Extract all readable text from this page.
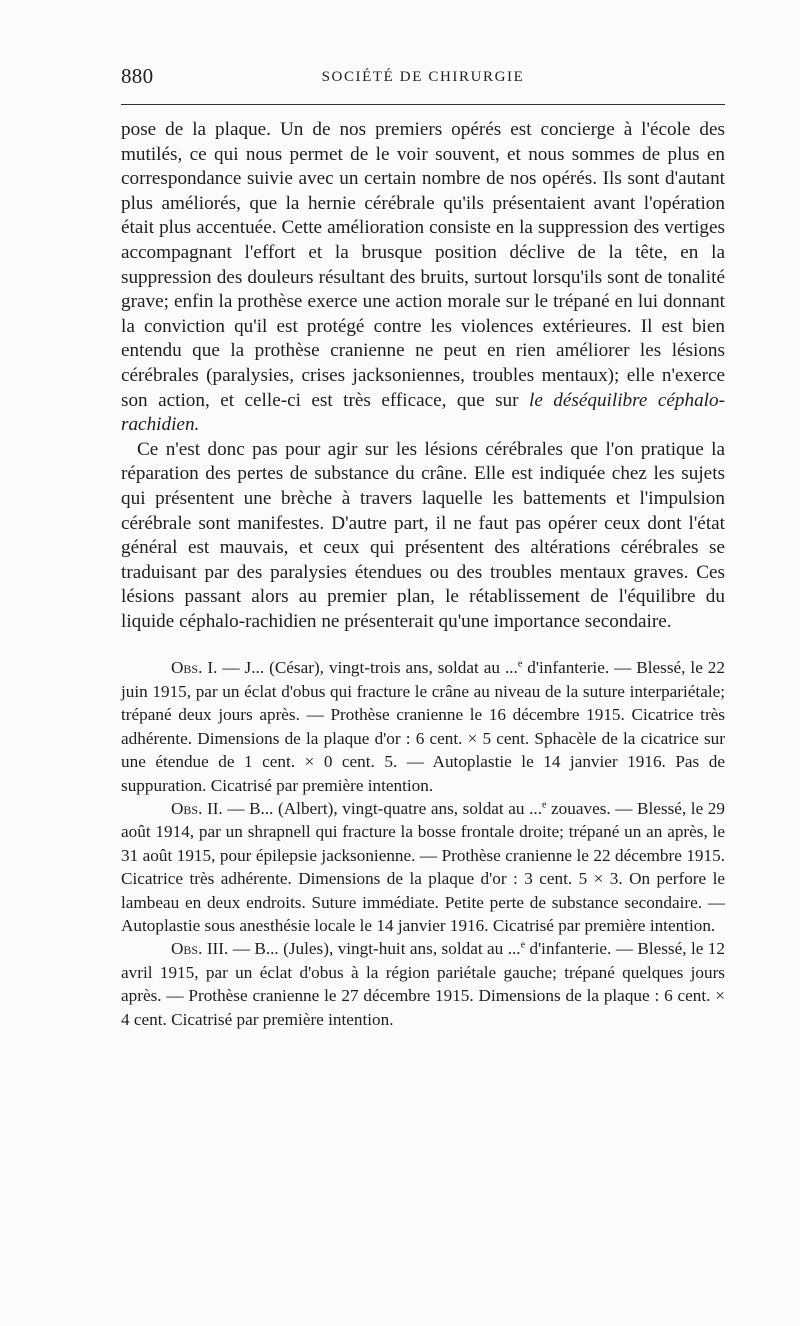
880	SOCIÉTÉ DE CHIRURGIE

pose de la plaque. Un de nos premiers opérés est concierge à l'école des mutilés, ce qui nous permet de le voir souvent, et nous sommes de plus en correspondance suivie avec un certain nombre de nos opérés. Ils sont d'autant plus améliorés, que la hernie cérébrale qu'ils présentaient avant l'opération était plus accentuée. Cette amélioration consiste en la suppression des vertiges accompagnant l'effort et la brusque position déclive de la tête, en la suppression des douleurs résultant des bruits, surtout lorsqu'ils sont de tonalité grave; enfin la prothèse exerce une action morale sur le trépané en lui donnant la conviction qu'il est protégé contre les violences extérieures. Il est bien entendu que la prothèse cranienne ne peut en rien améliorer les lésions cérébrales (paralysies, crises jacksoniennes, troubles mentaux); elle n'exerce son action, et celle-ci est très efficace, que sur le déséquilibre céphalo-rachidien.

Ce n'est donc pas pour agir sur les lésions cérébrales que l'on pratique la réparation des pertes de substance du crâne. Elle est indiquée chez les sujets qui présentent une brèche à travers laquelle les battements et l'impulsion cérébrale sont manifestes. D'autre part, il ne faut pas opérer ceux dont l'état général est mauvais, et ceux qui présentent des altérations cérébrales se traduisant par des paralysies étendues ou des troubles mentaux graves. Ces lésions passant alors au premier plan, le rétablissement de l'équilibre du liquide céphalo-rachidien ne présenterait qu'une importance secondaire.

Obs. I. — J... (César), vingt-trois ans, soldat au ...$^e$ d'infanterie. — Blessé, le 22 juin 1915, par un éclat d'obus qui fracture le crâne au niveau de la suture interpariétale; trépané deux jours après. — Prothèse cranienne le 16 décembre 1915. Cicatrice très adhérente. Dimensions de la plaque d'or : 6 cent. × 5 cent. Sphacèle de la cicatrice sur une étendue de 1 cent. × 0 cent. 5. — Autoplastie le 14 janvier 1916. Pas de suppuration. Cicatrisé par première intention.

Obs. II. — B... (Albert), vingt-quatre ans, soldat au ...$^e$ zouaves. — Blessé, le 29 août 1914, par un shrapnell qui fracture la bosse frontale droite; trépané un an après, le 31 août 1915, pour épilepsie jacksonienne. — Prothèse cranienne le 22 décembre 1915. Cicatrice très adhérente. Dimensions de la plaque d'or : 3 cent. 5 × 3. On perfore le lambeau en deux endroits. Suture immédiate. Petite perte de substance secondaire. — Autoplastie sous anesthésie locale le 14 janvier 1916. Cicatrisé par première intention.

Obs. III. — B... (Jules), vingt-huit ans, soldat au ...$^e$ d'infanterie. — Blessé, le 12 avril 1915, par un éclat d'obus à la région pariétale gauche; trépané quelques jours après. — Prothèse cranienne le 27 décembre 1915. Dimensions de la plaque : 6 cent. × 4 cent. Cicatrisé par première intention.
